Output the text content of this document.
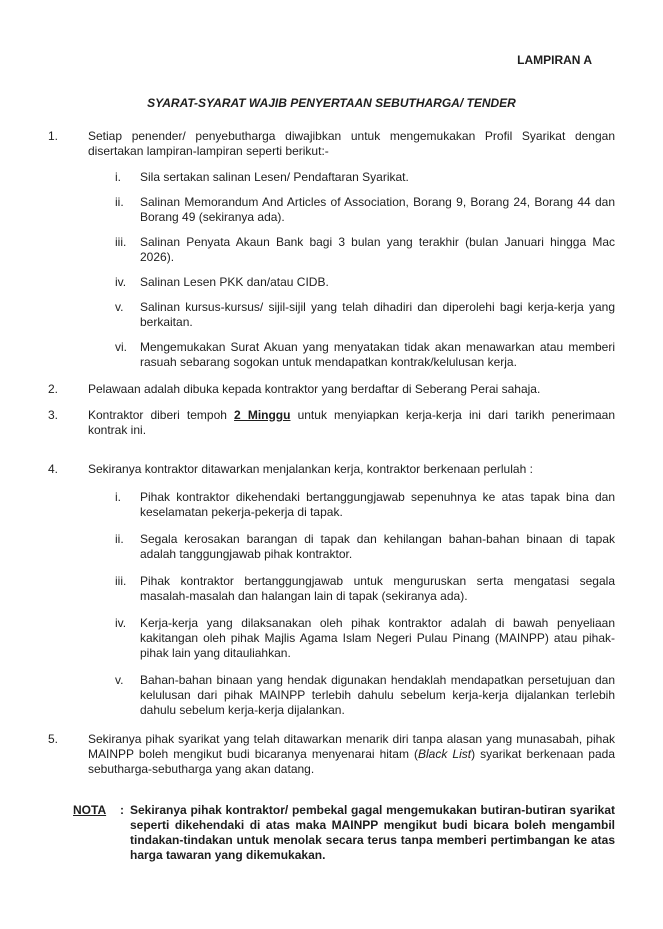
LAMPIRAN A
SYARAT-SYARAT WAJIB PENYERTAAN SEBUTHARGA/ TENDER
1.	Setiap penender/ penyebutharga diwajibkan untuk mengemukakan Profil Syarikat dengan disertakan lampiran-lampiran seperti berikut:-
i.	Sila sertakan salinan Lesen/ Pendaftaran Syarikat.
ii.	Salinan Memorandum And Articles of Association, Borang 9, Borang 24, Borang 44 dan Borang 49 (sekiranya ada).
iii.	Salinan Penyata Akaun Bank bagi 3 bulan yang terakhir (bulan Januari hingga Mac 2026).
iv.	Salinan Lesen PKK dan/atau CIDB.
v.	Salinan kursus-kursus/ sijil-sijil yang telah dihadiri dan diperolehi bagi kerja-kerja yang berkaitan.
vi.	Mengemukakan Surat Akuan yang menyatakan tidak akan menawarkan atau memberi rasuah sebarang sogokan untuk mendapatkan kontrak/kelulusan kerja.
2.	Pelawaan adalah dibuka kepada kontraktor yang berdaftar di Seberang Perai sahaja.
3.	Kontraktor diberi tempoh 2 Minggu untuk menyiapkan kerja-kerja ini dari tarikh penerimaan kontrak ini.
4.	Sekiranya kontraktor ditawarkan menjalankan kerja, kontraktor berkenaan perlulah :
i.	Pihak kontraktor dikehendaki bertanggungjawab sepenuhnya ke atas tapak bina dan keselamatan pekerja-pekerja di tapak.
ii.	Segala kerosakan barangan di tapak dan kehilangan bahan-bahan binaan di tapak adalah tanggungjawab pihak kontraktor.
iii.	Pihak kontraktor bertanggungjawab untuk menguruskan serta mengatasi segala masalah-masalah dan halangan lain di tapak (sekiranya ada).
iv.	Kerja-kerja yang dilaksanakan oleh pihak kontraktor adalah di bawah penyeliaan kakitangan oleh pihak Majlis Agama Islam Negeri Pulau Pinang (MAINPP) atau pihak-pihak lain yang ditauliahkan.
v.	Bahan-bahan binaan yang hendak digunakan hendaklah mendapatkan persetujuan dan kelulusan dari pihak MAINPP terlebih dahulu sebelum kerja-kerja dijalankan terlebih dahulu sebelum kerja-kerja dijalankan.
5.	Sekiranya pihak syarikat yang telah ditawarkan menarik diri tanpa alasan yang munasabah, pihak MAINPP boleh mengikut budi bicaranya menyenarai hitam (Black List) syarikat berkenaan pada sebutharga-sebutharga yang akan datang.
NOTA : Sekiranya pihak kontraktor/ pembekal gagal mengemukakan butiran-butiran syarikat seperti dikehendaki di atas maka MAINPP mengikut budi bicara boleh mengambil tindakan-tindakan untuk menolak secara terus tanpa memberi pertimbangan ke atas harga tawaran yang dikemukakan.
